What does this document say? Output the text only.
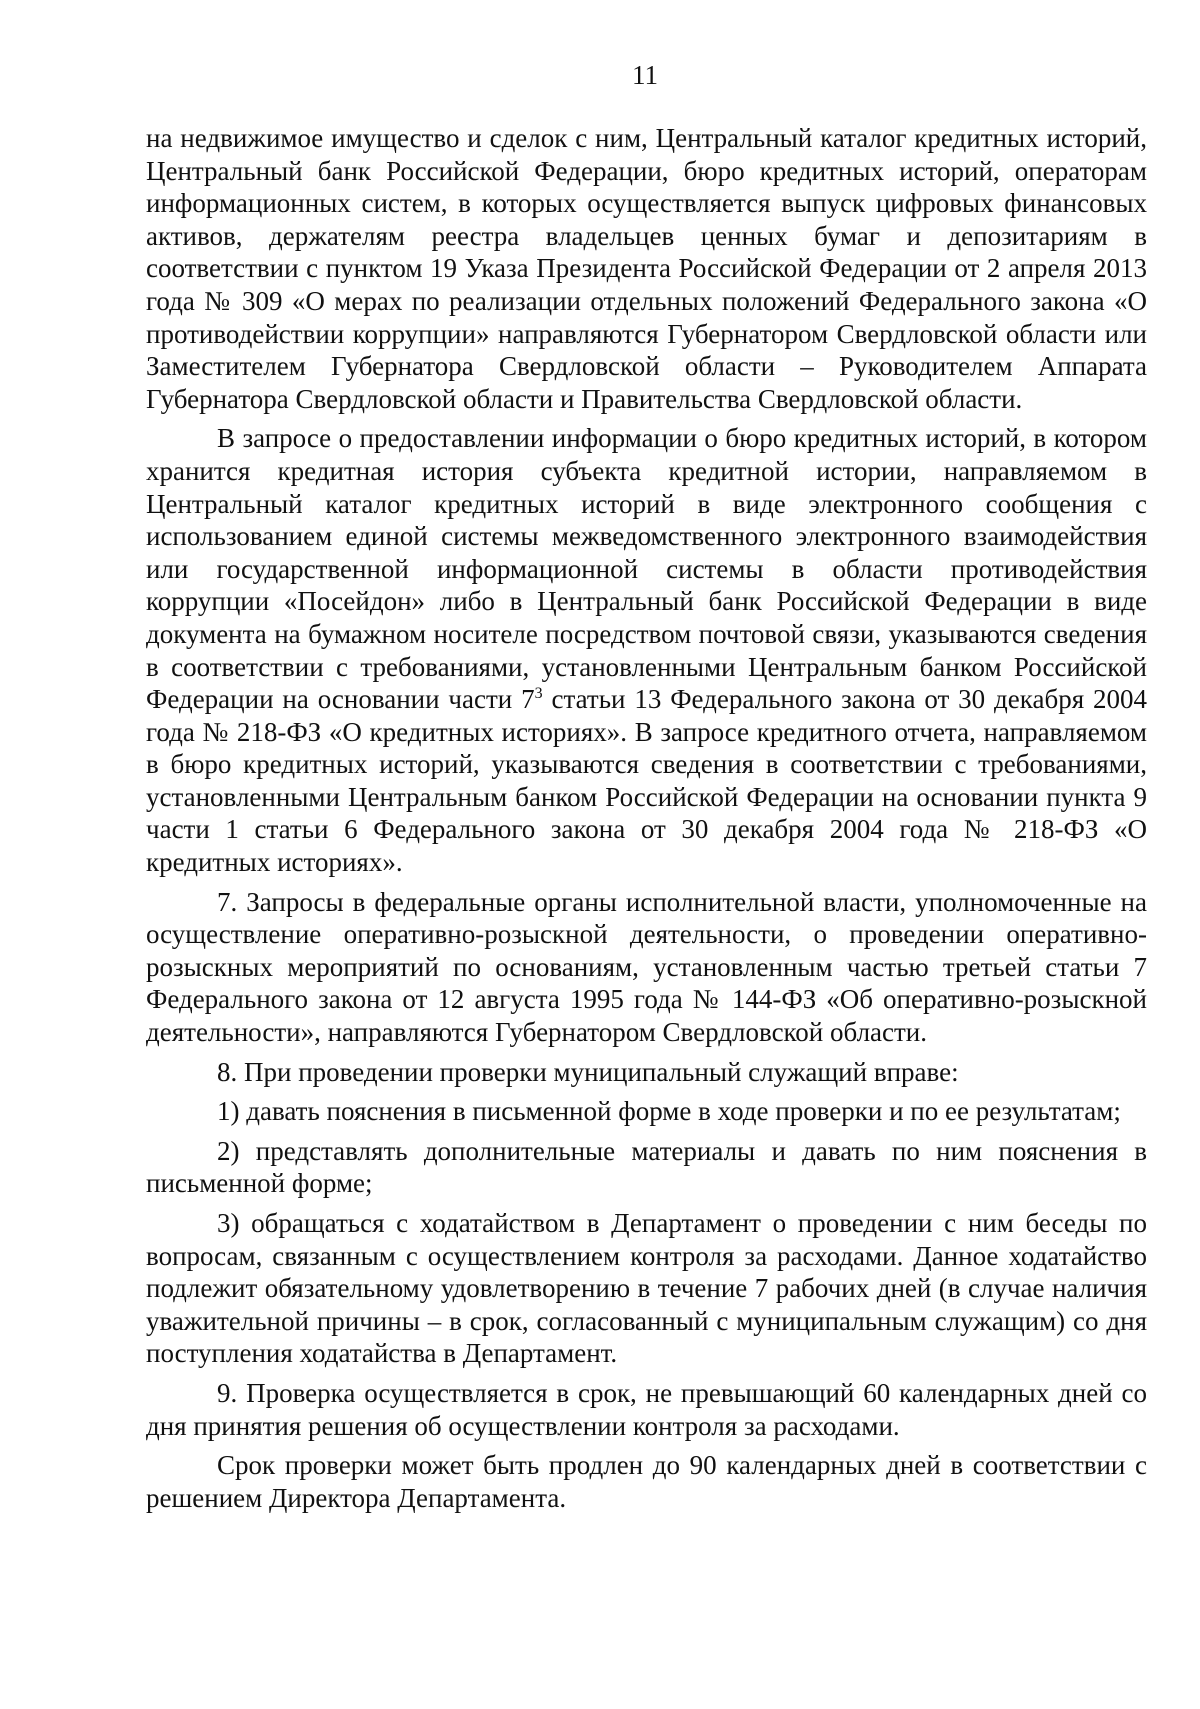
11

на недвижимое имущество и сделок с ним, Центральный каталог кредитных историй, Центральный банк Российской Федерации, бюро кредитных историй, операторам информационных систем, в которых осуществляется выпуск цифровых финансовых активов, держателям реестра владельцев ценных бумаг и депозитариям в соответствии с пунктом 19 Указа Президента Российской Федерации от 2 апреля 2013 года № 309 «О мерах по реализации отдельных положений Федерального закона «О противодействии коррупции» направляются Губернатором Свердловской области или Заместителем Губернатора Свердловской области – Руководителем Аппарата Губернатора Свердловской области и Правительства Свердловской области.

В запросе о предоставлении информации о бюро кредитных историй, в котором хранится кредитная история субъекта кредитной истории, направляемом в Центральный каталог кредитных историй в виде электронного сообщения с использованием единой системы межведомственного электронного взаимодействия или государственной информационной системы в области противодействия коррупции «Посейдон» либо в Центральный банк Российской Федерации в виде документа на бумажном носителе посредством почтовой связи, указываются сведения в соответствии с требованиями, установленными Центральным банком Российской Федерации на основании части $7^3$ статьи 13 Федерального закона от 30 декабря 2004 года № 218-ФЗ «О кредитных историях». В запросе кредитного отчета, направляемом в бюро кредитных историй, указываются сведения в соответствии с требованиями, установленными Центральным банком Российской Федерации на основании пункта 9 части 1 статьи 6 Федерального закона от 30 декабря 2004 года № 218-ФЗ «О кредитных историях».

7. Запросы в федеральные органы исполнительной власти, уполномоченные на осуществление оперативно-розыскной деятельности, о проведении оперативно-розыскных мероприятий по основаниям, установленным частью третьей статьи 7 Федерального закона от 12 августа 1995 года № 144-ФЗ «Об оперативно-розыскной деятельности», направляются Губернатором Свердловской области.

8. При проведении проверки муниципальный служащий вправе:

1) давать пояснения в письменной форме в ходе проверки и по ее результатам;

2) представлять дополнительные материалы и давать по ним пояснения в письменной форме;

3) обращаться с ходатайством в Департамент о проведении с ним беседы по вопросам, связанным с осуществлением контроля за расходами. Данное ходатайство подлежит обязательному удовлетворению в течение 7 рабочих дней (в случае наличия уважительной причины – в срок, согласованный с муниципальным служащим) со дня поступления ходатайства в Департамент.

9. Проверка осуществляется в срок, не превышающий 60 календарных дней со дня принятия решения об осуществлении контроля за расходами.

Срок проверки может быть продлен до 90 календарных дней в соответствии с решением Директора Департамента.
